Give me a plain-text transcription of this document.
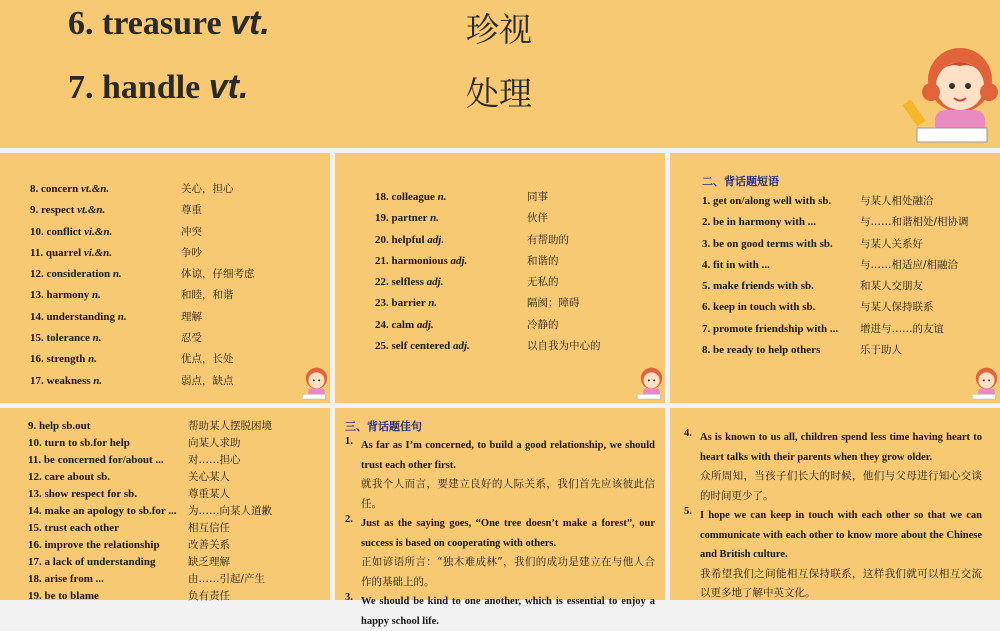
6. treasure vt.	珍视
7. handle vt.	处理
8. concern vt.&n.	关心，担心
9. respect vt.&n.	尊重
10. conflict vi.&n.	冲突
11. quarrel vi.&n.	争吵
12. consideration n.	体谅，仔细考虑
13. harmony n.	和睦，和谐
14. understanding n.	理解
15. tolerance n.	忍受
16. strength n.	优点，长处
17. weakness n.	弱点，缺点
18. colleague n.	同事
19. partner n.	伙伴
20. helpful adj.	有帮助的
21. harmonious adj.	和谐的
22. selfless adj.	无私的
23. barrier n.	隔阂；障碍
24. calm adj.	冷静的
25. self centered adj.	以自我为中心的
二、背话题短语
1. get on/along well with sb.	与某人相处融洽
2. be in harmony with ...	与……和谐相处/相协调
3. be on good terms with sb.	与某人关系好
4. fit in with ...	与……相适应/相融洽
5. make friends with sb.	和某人交朋友
6. keep in touch with sb.	与某人保持联系
7. promote friendship with ... 增进与……的友谊
8. be ready to help others	乐于助人
9. help sb.out	帮助某人摆脱困境
10. turn to sb.for help	向某人求助
11. be concerned for/about ... 对……担心
12. care about sb.	关心某人
13. show respect for sb.	尊重某人
14. make an apology to sb.for ... 为……向某人道歉
15. trust each other	相互信任
16. improve the relationship	改善关系
17. a lack of understanding	缺乏理解
18. arise from ...	由……引起/产生
19. be to blame	负有责任
三、背话题佳句
1. As far as I’m concerned, to build a good relationship, we should trust each other first.
就我个人而言，要建立良好的人际关系，我们首先应该彼此信任。
2. Just as the saying goes, “One tree doesn’t make a forest”, our success is based on cooperating with others.
正如谚语所言：“独木难成林”，我们的成功是建立在与他人合作的基础上的。
3. We should be kind to one another, which is essential to enjoy a happy school life.
4. As is known to us all, children spend less time having heart to heart talks with their parents when they grow older.
众所周知，当孩子们长大的时候，他们与父母进行知心交谈的时间更少了。
5. I hope we can keep in touch with each other so that we can communicate with each other to know more about the Chinese and British culture.
我希望我们之间能相互保持联系，这样我们就可以相互交流以更多地了解中英文化。
